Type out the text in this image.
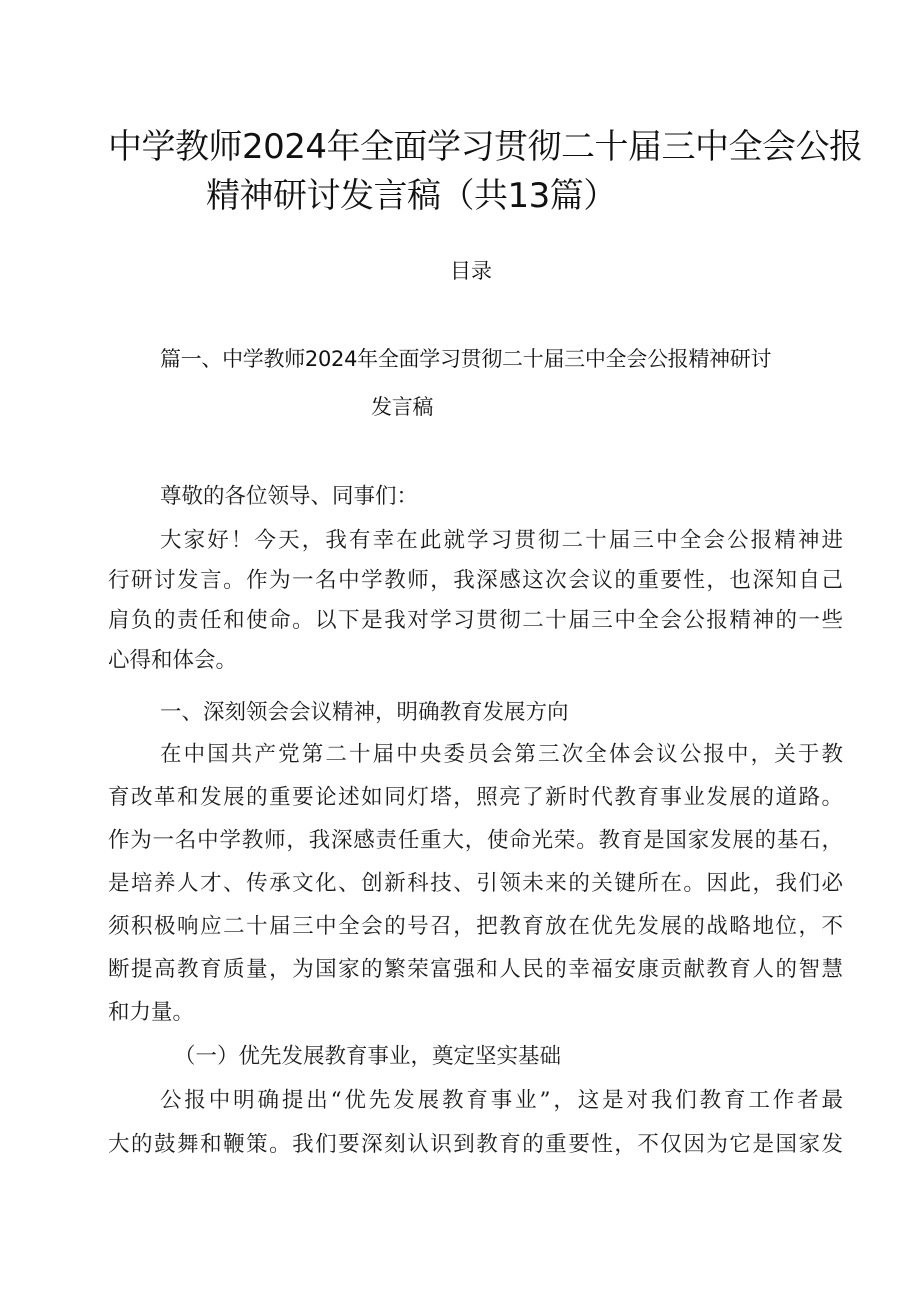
中学教师2024年全面学习贯彻二十届三中全会公报
精神研讨发言稿（共13篇）
目录
篇一、中学教师2024年全面学习贯彻二十届三中全会公报精神研讨
发言稿
尊敬的各位领导、同事们：
大家好！今天，我有幸在此就学习贯彻二十届三中全会公报精神进
行研讨发言。作为一名中学教师，我深感这次会议的重要性，也深知自己
肩负的责任和使命。以下是我对学习贯彻二十届三中全会公报精神的一些
心得和体会。
一、深刻领会会议精神，明确教育发展方向
在中国共产党第二十届中央委员会第三次全体会议公报中，关于教
育改革和发展的重要论述如同灯塔，照亮了新时代教育事业发展的道路。
作为一名中学教师，我深感责任重大，使命光荣。教育是国家发展的基石，
是培养人才、传承文化、创新科技、引领未来的关键所在。因此，我们必
须积极响应二十届三中全会的号召，把教育放在优先发展的战略地位，不
断提高教育质量，为国家的繁荣富强和人民的幸福安康贡献教育人的智慧
和力量。
（一）优先发展教育事业，奠定坚实基础
公报中明确提出“优先发展教育事业”，这是对我们教育工作者最
大的鼓舞和鞭策。我们要深刻认识到教育的重要性，不仅因为它是国家发
